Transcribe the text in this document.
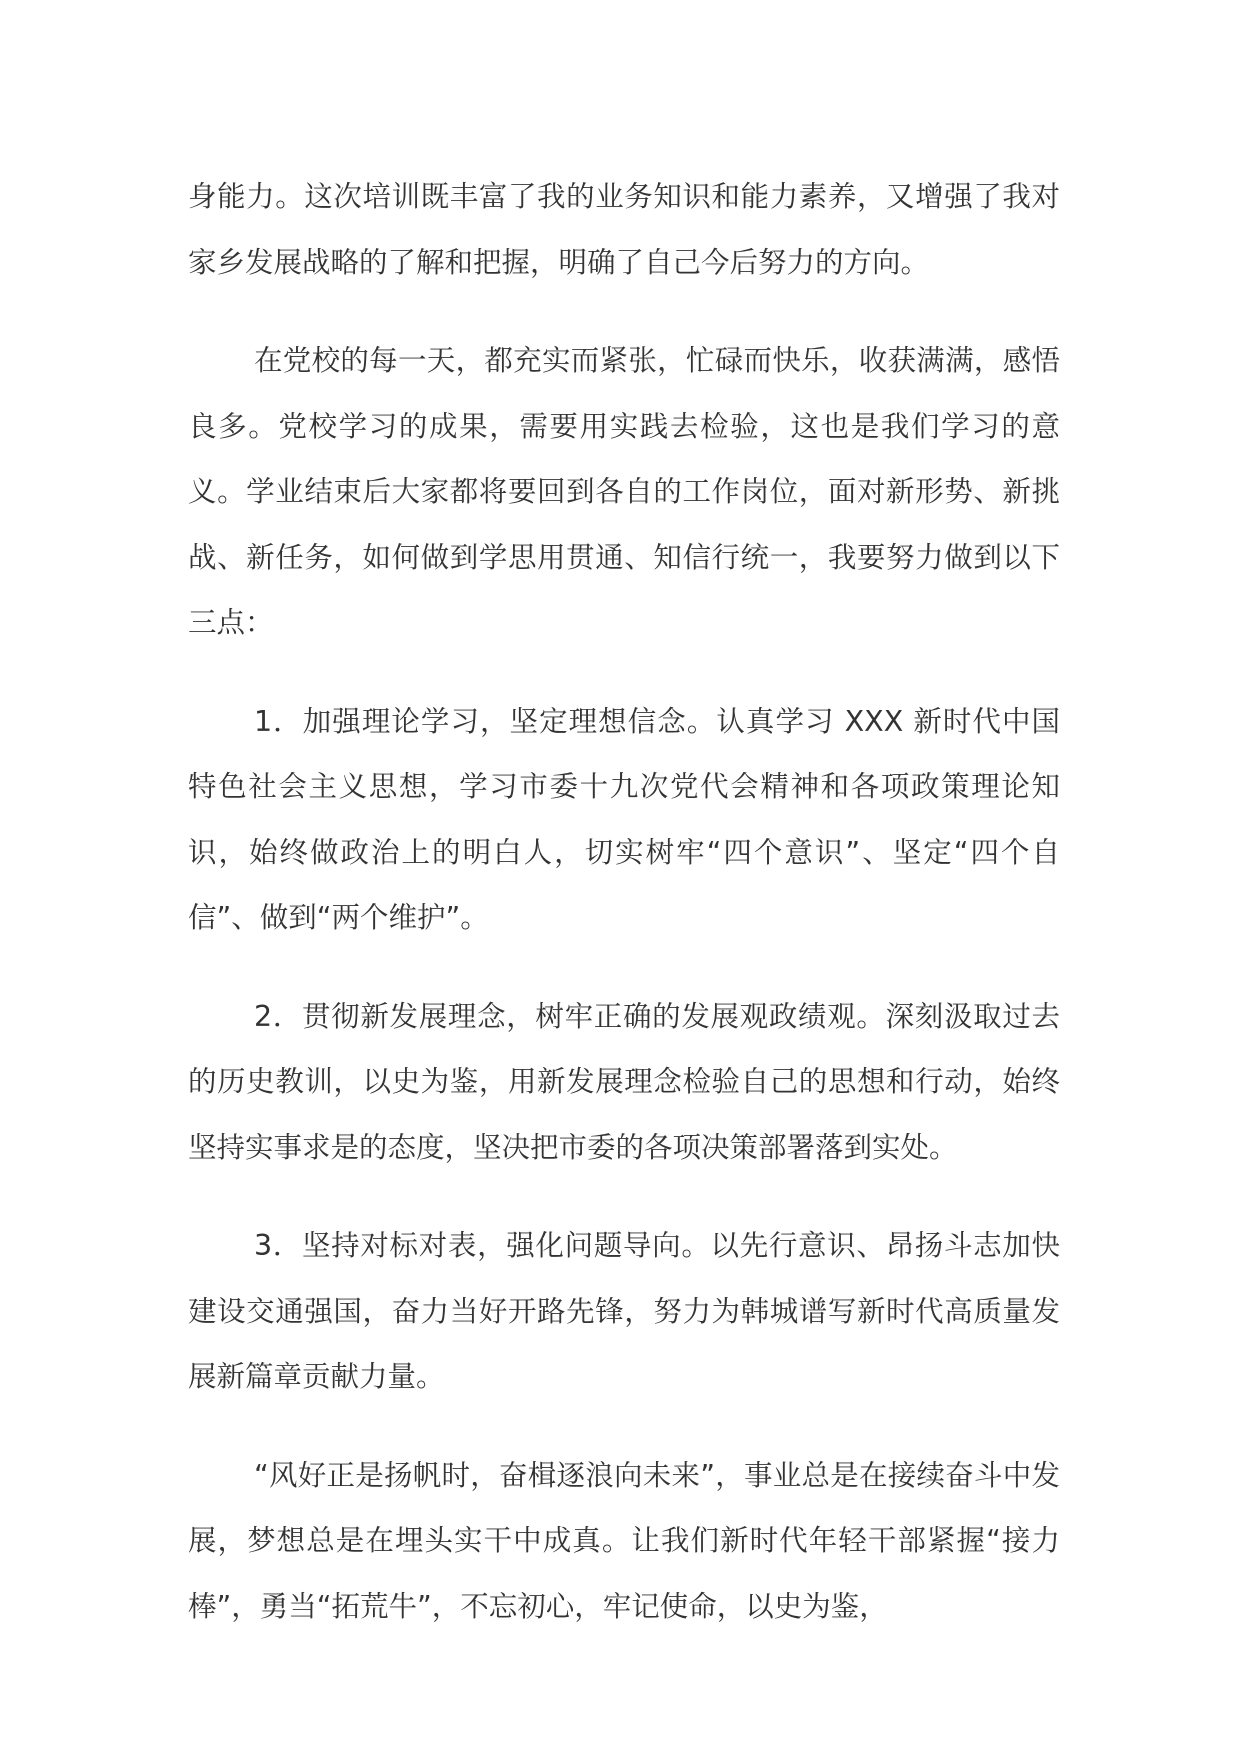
身能力。这次培训既丰富了我的业务知识和能力素养，又增强了我对家乡发展战略的了解和把握，明确了自己今后努力的方向。

在党校的每一天，都充实而紧张，忙碌而快乐，收获满满，感悟良多。党校学习的成果，需要用实践去检验，这也是我们学习的意义。学业结束后大家都将要回到各自的工作岗位，面对新形势、新挑战、新任务，如何做到学思用贯通、知信行统一，我要努力做到以下三点：

1．加强理论学习，坚定理想信念。认真学习 XXX 新时代中国特色社会主义思想，学习市委十九次党代会精神和各项政策理论知识，始终做政治上的明白人，切实树牢“四个意识”、坚定“四个自信”、做到“两个维护”。

2．贯彻新发展理念，树牢正确的发展观政绩观。深刻汲取过去的历史教训，以史为鉴，用新发展理念检验自己的思想和行动，始终坚持实事求是的态度，坚决把市委的各项决策部署落到实处。

3．坚持对标对表，强化问题导向。以先行意识、昂扬斗志加快建设交通强国，奋力当好开路先锋，努力为韩城谱写新时代高质量发展新篇章贡献力量。

“风好正是扬帆时，奋楫逐浪向未来”，事业总是在接续奋斗中发展，梦想总是在埋头实干中成真。让我们新时代年轻干部紧握“接力棒”，勇当“拓荒牛”，不忘初心，牢记使命，以史为鉴，
